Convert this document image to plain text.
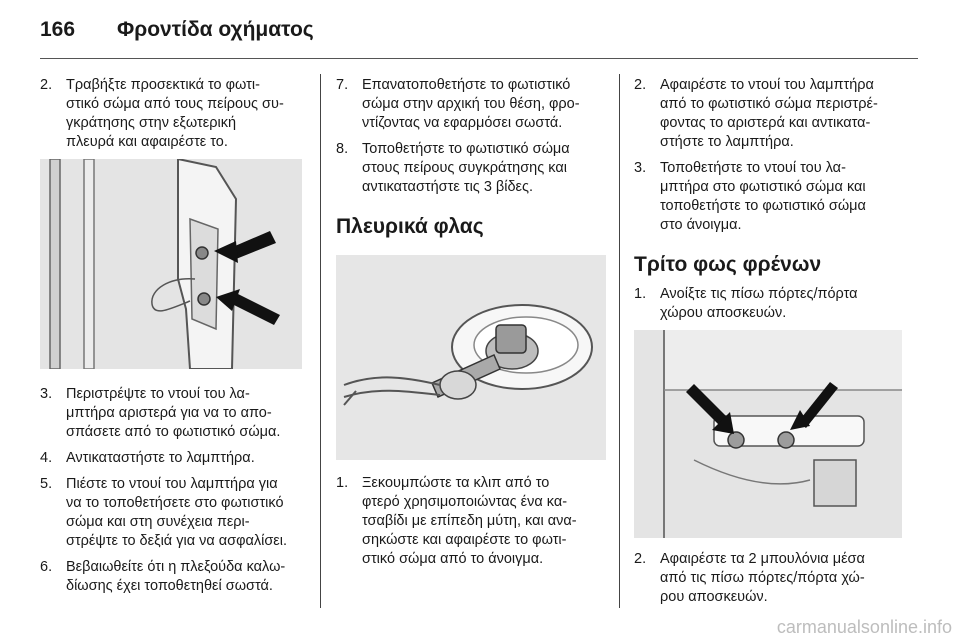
166 Φροντίδα οχήματος
2. Τραβήξτε προσεκτικά το φωτι-
στικό σώμα από τους πείρους συ-
γκράτησης στην εξωτερική
πλευρά και αφαιρέστε το.
3. Περιστρέψτε το ντουί του λα-
μπτήρα αριστερά για να το απο-
σπάσετε από το φωτιστικό σώμα.
4. Αντικαταστήστε το λαμπτήρα.
5. Πιέστε το ντουί του λαμπτήρα για
να το τοποθετήσετε στο φωτιστικό
σώμα και στη συνέχεια περι-
στρέψτε το δεξιά για να ασφαλίσει.
6. Βεβαιωθείτε ότι η πλεξούδα καλω-
δίωσης έχει τοποθετηθεί σωστά.
7. Επανατοποθετήστε το φωτιστικό
σώμα στην αρχική του θέση, φρο-
ντίζοντας να εφαρμόσει σωστά.
8. Τοποθετήστε το φωτιστικό σώμα
στους πείρους συγκράτησης και
αντικαταστήστε τις 3 βίδες.
Πλευρικά φλας
1. Ξεκουμπώστε τα κλιπ από το
φτερό χρησιμοποιώντας ένα κα-
τσαβίδι με επίπεδη μύτη, και ανα-
σηκώστε και αφαιρέστε το φωτι-
στικό σώμα από το άνοιγμα.
2. Αφαιρέστε το ντουί του λαμπτήρα
από το φωτιστικό σώμα περιστρέ-
φοντας το αριστερά και αντικατα-
στήστε το λαμπτήρα.
3. Τοποθετήστε το ντουί του λα-
μπτήρα στο φωτιστικό σώμα και
τοποθετήστε το φωτιστικό σώμα
στο άνοιγμα.
Τρίτο φως φρένων
1. Ανοίξτε τις πίσω πόρτες/πόρτα
χώρου αποσκευών.
2. Αφαιρέστε τα 2 μπουλόνια μέσα
από τις πίσω πόρτες/πόρτα χώ-
ρου αποσκευών.
carmanualsonline.info
